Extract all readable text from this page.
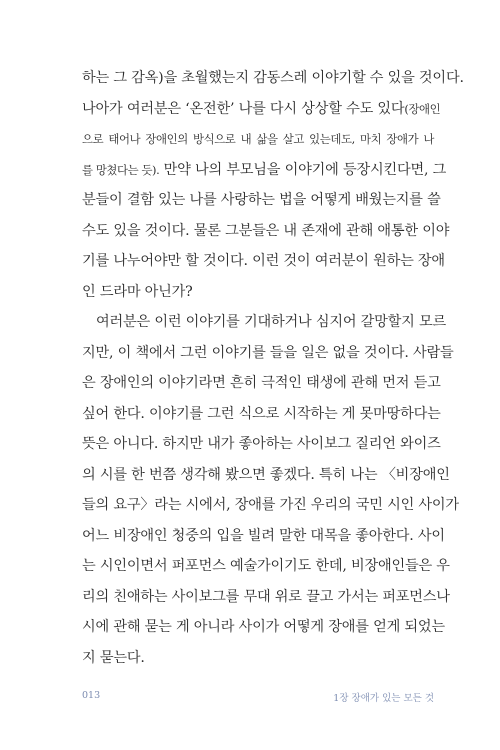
하는 그 감옥)을 초월했는지 감동스레 이야기할 수 있을 것이다.
나아가 여러분은 ‘온전한’ 나를 다시 상상할 수도 있다(장애인
으로 태어나 장애인의 방식으로 내 삶을 살고 있는데도, 마치 장애가 나
를 망쳤다는 듯). 만약 나의 부모님을 이야기에 등장시킨다면, 그
분들이 결함 있는 나를 사랑하는 법을 어떻게 배웠는지를 쓸
수도 있을 것이다. 물론 그분들은 내 존재에 관해 애통한 이야
기를 나누어야만 할 것이다. 이런 것이 여러분이 원하는 장애
인 드라마 아닌가?
여러분은 이런 이야기를 기대하거나 심지어 갈망할지 모르
지만, 이 책에서 그런 이야기를 들을 일은 없을 것이다. 사람들
은 장애인의 이야기라면 흔히 극적인 태생에 관해 먼저 듣고
싶어 한다. 이야기를 그런 식으로 시작하는 게 못마땅하다는
뜻은 아니다. 하지만 내가 좋아하는 사이보그 질리언 와이즈
의 시를 한 번쯤 생각해 봤으면 좋겠다. 특히 나는 〈비장애인
들의 요구〉라는 시에서, 장애를 가진 우리의 국민 시인 사이가
어느 비장애인 청중의 입을 빌려 말한 대목을 좋아한다. 사이
는 시인이면서 퍼포먼스 예술가이기도 한데, 비장애인들은 우
리의 친애하는 사이보그를 무대 위로 끌고 가서는 퍼포먼스나
시에 관해 묻는 게 아니라 사이가 어떻게 장애를 얻게 되었는
지 묻는다.
013	1장 장애가 있는 모든 것
